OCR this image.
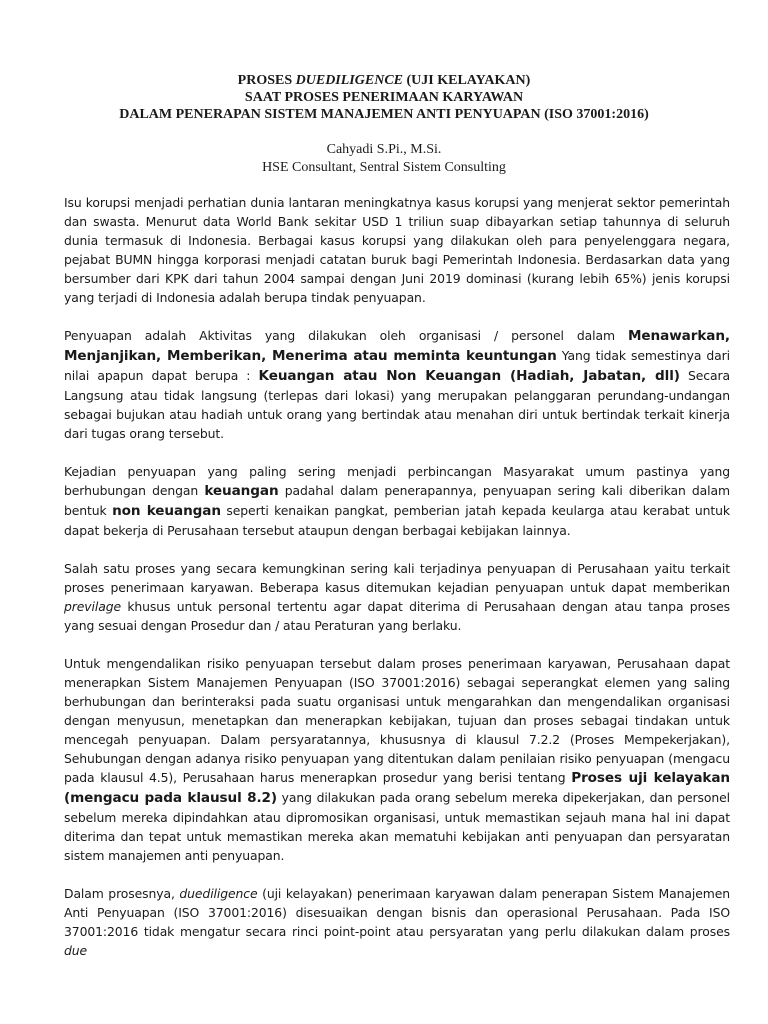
PROSES DUEDILIGENCE (UJI KELAYAKAN)
SAAT PROSES PENERIMAAN KARYAWAN
DALAM PENERAPAN SISTEM MANAJEMEN ANTI PENYUAPAN (ISO 37001:2016)
Cahyadi S.Pi., M.Si.
HSE Consultant, Sentral Sistem Consulting

Isu korupsi menjadi perhatian dunia lantaran meningkatnya kasus korupsi yang menjerat sektor pemerintah dan swasta. Menurut data World Bank sekitar USD 1 triliun suap dibayarkan setiap tahunnya di seluruh dunia termasuk di Indonesia. Berbagai kasus korupsi yang dilakukan oleh para penyelenggara negara, pejabat BUMN hingga korporasi menjadi catatan buruk bagi Pemerintah Indonesia. Berdasarkan data yang bersumber dari KPK dari tahun 2004 sampai dengan Juni 2019 dominasi (kurang lebih 65%) jenis korupsi yang terjadi di Indonesia adalah berupa tindak penyuapan.

Penyuapan adalah Aktivitas yang dilakukan oleh organisasi / personel dalam Menawarkan, Menjanjikan, Memberikan, Menerima atau meminta keuntungan Yang tidak semestinya dari nilai apapun dapat berupa : Keuangan atau Non Keuangan (Hadiah, Jabatan, dll) Secara Langsung atau tidak langsung (terlepas dari lokasi) yang merupakan pelanggaran perundang-undangan sebagai bujukan atau hadiah untuk orang yang bertindak atau menahan diri untuk bertindak terkait kinerja dari tugas orang tersebut.

Kejadian penyuapan yang paling sering menjadi perbincangan Masyarakat umum pastinya yang berhubungan dengan keuangan padahal dalam penerapannya, penyuapan sering kali diberikan dalam bentuk non keuangan seperti kenaikan pangkat, pemberian jatah kepada keularga atau kerabat untuk dapat bekerja di Perusahaan tersebut ataupun dengan berbagai kebijakan lainnya.

Salah satu proses yang secara kemungkinan sering kali terjadinya penyuapan di Perusahaan yaitu terkait proses penerimaan karyawan. Beberapa kasus ditemukan kejadian penyuapan untuk dapat memberikan previlage khusus untuk personal tertentu agar dapat diterima di Perusahaan dengan atau tanpa proses yang sesuai dengan Prosedur dan / atau Peraturan yang berlaku.

Untuk mengendalikan risiko penyuapan tersebut dalam proses penerimaan karyawan, Perusahaan dapat menerapkan Sistem Manajemen Penyuapan (ISO 37001:2016) sebagai seperangkat elemen yang saling berhubungan dan berinteraksi pada suatu organisasi untuk mengarahkan dan mengendalikan organisasi dengan menyusun, menetapkan dan menerapkan kebijakan, tujuan dan proses sebagai tindakan untuk mencegah penyuapan. Dalam persyaratannya, khususnya di klausul 7.2.2 (Proses Mempekerjakan), Sehubungan dengan adanya risiko penyuapan yang ditentukan dalam penilaian risiko penyuapan (mengacu pada klausul 4.5), Perusahaan harus menerapkan prosedur yang berisi tentang Proses uji kelayakan (mengacu pada klausul 8.2) yang dilakukan pada orang sebelum mereka dipekerjakan, dan personel sebelum mereka dipindahkan atau dipromosikan organisasi, untuk memastikan sejauh mana hal ini dapat diterima dan tepat untuk memastikan mereka akan mematuhi kebijakan anti penyuapan dan persyaratan sistem manajemen anti penyuapan.

Dalam prosesnya, duediligence (uji kelayakan) penerimaan karyawan dalam penerapan Sistem Manajemen Anti Penyuapan (ISO 37001:2016) disesuaikan dengan bisnis dan operasional Perusahaan. Pada ISO 37001:2016 tidak mengatur secara rinci point-point atau persyaratan yang perlu dilakukan dalam proses due
